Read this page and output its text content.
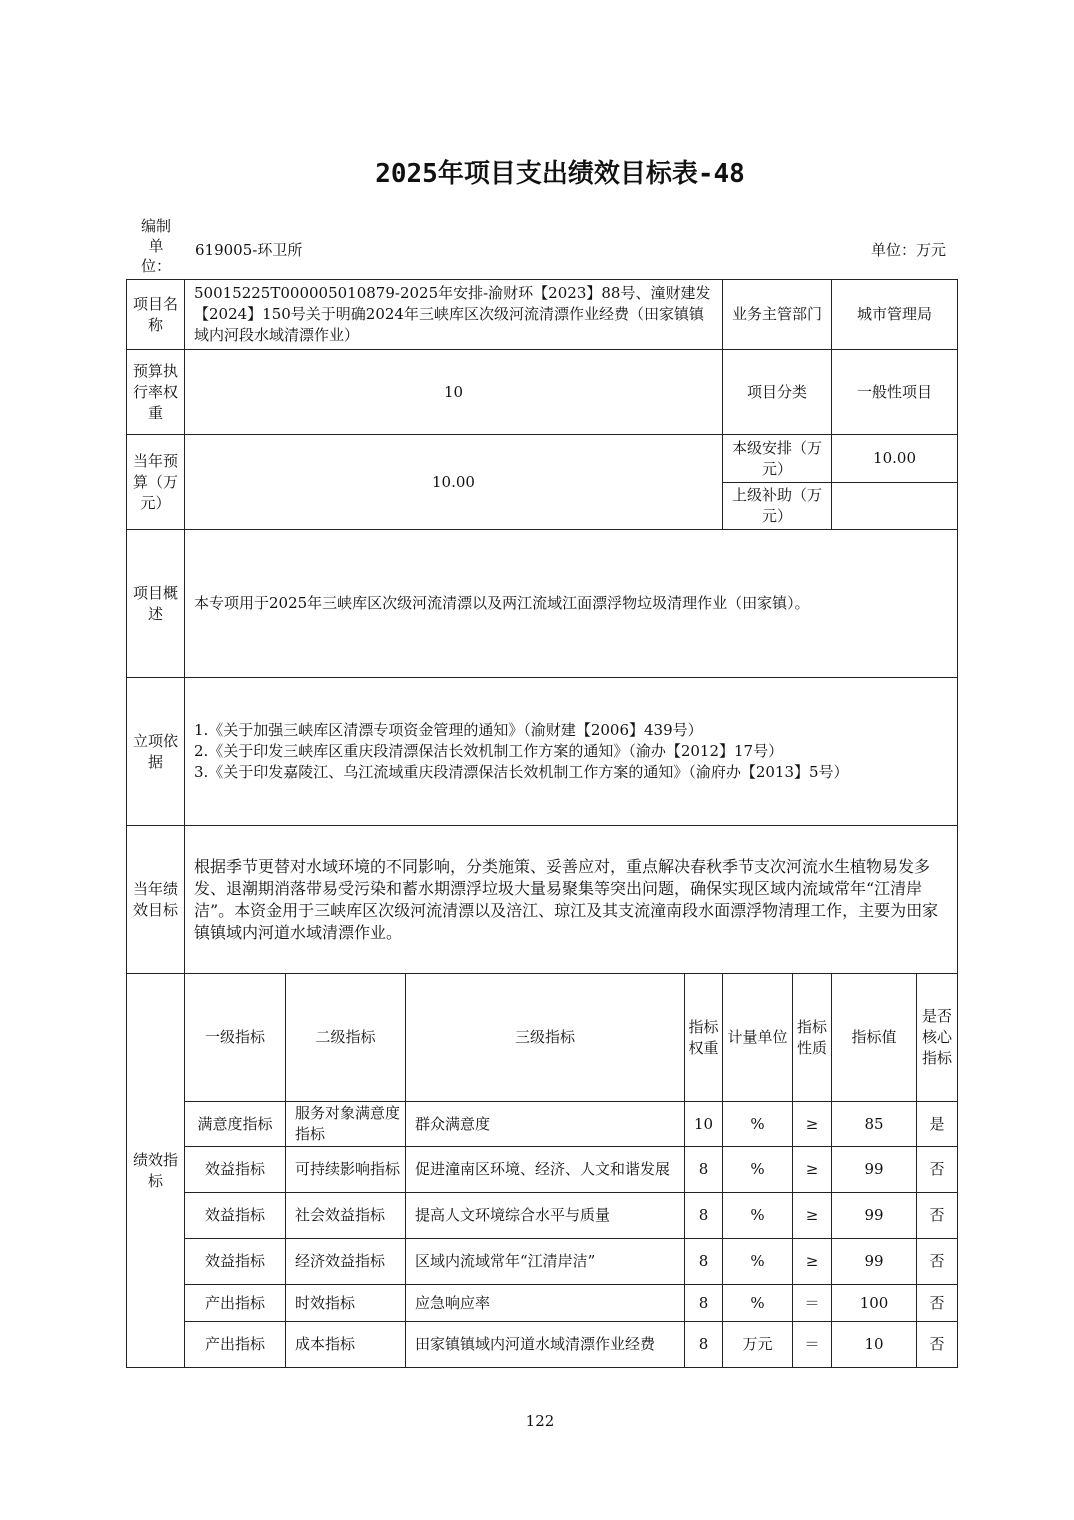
2025年项目支出绩效目标表-48
编制单位：
619005-环卫所	单位：万元
项目名称	50015225T000005010879-2025年安排-渝财环【2023】88号、潼财建发【2024】150号关于明确2024年三峡库区次级河流清漂作业经费（田家镇镇域内河段水域清漂作业）				业务主管部门		城市管理局	
预算执行率权重	10				项目分类		一般性项目	
当年预算（万元）	10.00				本级安排（万元）		10.00	
					上级补助（万元）			
项目概述	本专项用于2025年三峡库区次级河流清漂以及两江流域江面漂浮物垃圾清理作业（田家镇）。							
立项依据	1.《关于加强三峡库区清漂专项资金管理的通知》（渝财建【2006】439号）
2.《关于印发三峡库区重庆段清漂保洁长效机制工作方案的通知》（渝办【2012】17号）
3.《关于印发嘉陵江、乌江流域重庆段清漂保洁长效机制工作方案的通知》（渝府办【2013】5号）							

当年绩效目标	根据季节更替对水域环境的不同影响，分类施策、妥善应对，重点解决春秋季节支次河流水生植物易发多发、退潮期消落带易受污染和蓄水期漂浮垃圾大量易聚集等突出问题，确保实现区域内流域常年“江清岸洁”。本资金用于三峡库区次级河流清漂以及涪江、琼江及其支流潼南段水面漂浮物清理工作，主要为田家镇镇域内河道水域清漂作业。							
绩效指标	一级指标	二级指标	三级指标	指标权重	计量单位	指标性质	指标值	是否核心指标
	满意度指标	服务对象满意度指标	群众满意度	10	%	≥	85	是
	效益指标	可持续影响指标	促进潼南区环境、经济、人文和谐发展	8	%	≥	99	否
	效益指标	社会效益指标	提高人文环境综合水平与质量	8	%	≥	99	否
	效益指标	经济效益指标	区域内流域常年“江清岸洁”	8	%	≥	99	否
	产出指标	时效指标	应急响应率	8	%	＝	100	否
	产出指标	成本指标	田家镇镇域内河道水域清漂作业经费	8	万元	＝	10	否
122
